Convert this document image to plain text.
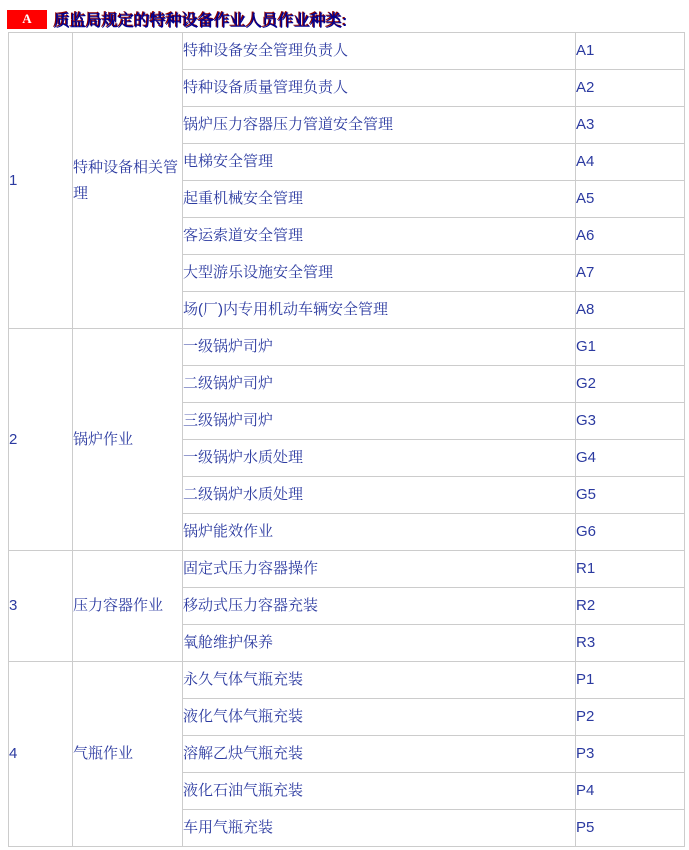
A	质监局规定的特种设备作业人员作业种类:
1	特种设备相关管理	特种设备安全管理负责人	A1
		特种设备质量管理负责人	A2
		锅炉压力容器压力管道安全管理	A3
		电梯安全管理	A4
		起重机械安全管理	A5
		客运索道安全管理	A6
		大型游乐设施安全管理	A7
		场(厂)内专用机动车辆安全管理	A8
2	锅炉作业	一级锅炉司炉	G1
		二级锅炉司炉	G2
		三级锅炉司炉	G3
		一级锅炉水质处理	G4
		二级锅炉水质处理	G5
		锅炉能效作业	G6
3	压力容器作业	固定式压力容器操作	R1
		移动式压力容器充装	R2
		氧舱维护保养	R3
4	气瓶作业	永久气体气瓶充装	P1
		液化气体气瓶充装	P2
		溶解乙炔气瓶充装	P3
		液化石油气瓶充装	P4
		车用气瓶充装	P5
